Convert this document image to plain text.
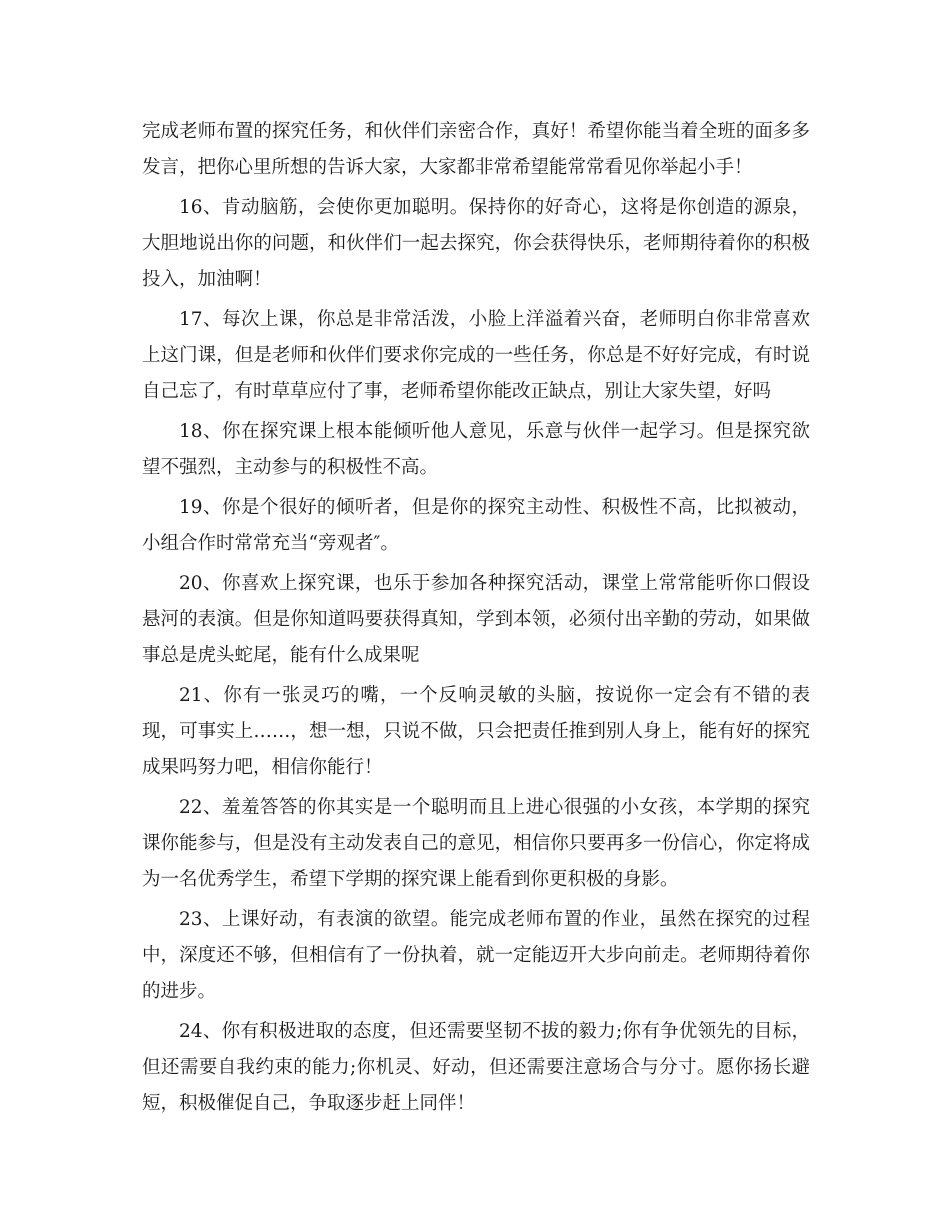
完成老师布置的探究任务，和伙伴们亲密合作，真好！希望你能当着全班的面多多发言，把你心里所想的告诉大家，大家都非常希望能常常看见你举起小手！

16、肯动脑筋，会使你更加聪明。保持你的好奇心，这将是你创造的源泉，大胆地说出你的问题，和伙伴们一起去探究，你会获得快乐，老师期待着你的积极投入，加油啊！

17、每次上课，你总是非常活泼，小脸上洋溢着兴奋，老师明白你非常喜欢上这门课，但是老师和伙伴们要求你完成的一些任务，你总是不好好完成，有时说自己忘了，有时草草应付了事，老师希望你能改正缺点，别让大家失望，好吗

18、你在探究课上根本能倾听他人意见，乐意与伙伴一起学习。但是探究欲望不强烈，主动参与的积极性不高。

19、你是个很好的倾听者，但是你的探究主动性、积极性不高，比拟被动，小组合作时常常充当“旁观者″。

20、你喜欢上探究课，也乐于参加各种探究活动，课堂上常常能听你口假设悬河的表演。但是你知道吗要获得真知，学到本领，必须付出辛勤的劳动，如果做事总是虎头蛇尾，能有什么成果呢

21、你有一张灵巧的嘴，一个反响灵敏的头脑，按说你一定会有不错的表现，可事实上……，想一想，只说不做，只会把责任推到别人身上，能有好的探究成果吗努力吧，相信你能行！

22、羞羞答答的你其实是一个聪明而且上进心很强的小女孩，本学期的探究课你能参与，但是没有主动发表自己的意见，相信你只要再多一份信心，你定将成为一名优秀学生，希望下学期的探究课上能看到你更积极的身影。

23、上课好动，有表演的欲望。能完成老师布置的作业，虽然在探究的过程中，深度还不够，但相信有了一份执着，就一定能迈开大步向前走。老师期待着你的进步。

24、你有积极进取的态度，但还需要坚韧不拔的毅力;你有争优领先的目标，但还需要自我约束的能力;你机灵、好动，但还需要注意场合与分寸。愿你扬长避短，积极催促自己，争取逐步赶上同伴！
